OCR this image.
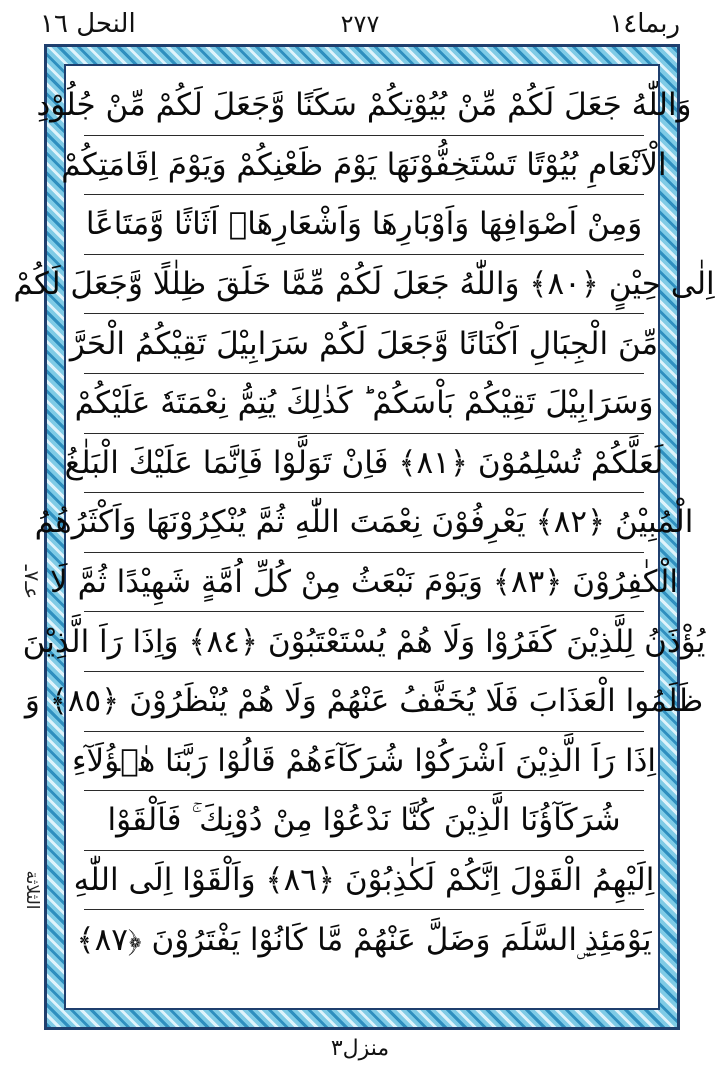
النحل ١٦	٢٧٧	ربما١٤
وَاللّٰهُ جَعَلَ لَكُمْ مِّنْ بُيُوْتِكُمْ سَكَنًا وَّجَعَلَ لَكُمْ مِّنْ جُلُوْدِ
الْاَنْعَامِ بُيُوْتًا تَسْتَخِفُّوْنَهَا يَوْمَ ظَعْنِكُمْ وَيَوْمَ اِقَامَتِكُمْ
وَمِنْ اَصْوَافِهَا وَاَوْبَارِهَا وَاَشْعَارِهَاۤ اَثَاثًا وَّمَتَاعًا
اِلٰى حِيْنٍ ﴿٨٠﴾ وَاللّٰهُ جَعَلَ لَكُمْ مِّمَّا خَلَقَ ظِلٰلًا وَّجَعَلَ لَكُمْ
مِّنَ الْجِبَالِ اَكْنَانًا وَّجَعَلَ لَكُمْ سَرَابِيْلَ تَقِيْكُمُ الْحَرَّ
وَسَرَابِيْلَ تَقِيْكُمْ بَاْسَكُمْ ؕ كَذٰلِكَ يُتِمُّ نِعْمَتَهٗ عَلَيْكُمْ
لَعَلَّكُمْ تُسْلِمُوْنَ ﴿٨١﴾ فَاِنْ تَوَلَّوْا فَاِنَّمَا عَلَيْكَ الْبَلٰغُ
الْمُبِيْنُ ﴿٨٢﴾ يَعْرِفُوْنَ نِعْمَتَ اللّٰهِ ثُمَّ يُنْكِرُوْنَهَا وَاَكْثَرُهُمُ
الْكٰفِرُوْنَ ﴿٨٣﴾ وَيَوْمَ نَبْعَثُ مِنْ كُلِّ اُمَّةٍ شَهِيْدًا ثُمَّ لَا
يُؤْذَنُ لِلَّذِيْنَ كَفَرُوْا وَلَا هُمْ يُسْتَعْتَبُوْنَ ﴿٨٤﴾ وَاِذَا رَاَ الَّذِيْنَ
ظَلَمُوا الْعَذَابَ فَلَا يُخَفَّفُ عَنْهُمْ وَلَا هُمْ يُنْظَرُوْنَ ﴿٨٥﴾ وَ
اِذَا رَاَ الَّذِيْنَ اَشْرَكُوْا شُرَكَآءَهُمْ قَالُوْا رَبَّنَا هٰۤؤُلَآءِ
شُرَكَآؤُنَا الَّذِيْنَ كُنَّا نَدْعُوْا مِنْ دُوْنِكَ ۚ فَاَلْقَوْا
اِلَيْهِمُ الْقَوْلَ اِنَّكُمْ لَكٰذِبُوْنَ ﴿٨٦﴾ وَاَلْقَوْا اِلَى اللّٰهِ
يَوْمَئِذِ ۣالسَّلَمَ وَضَلَّ عَنْهُمْ مَّا كَانُوْا يَفْتَرُوْنَ ﴿٨٧﴾
عـ٧ـ
الثلاثة
منزل٣
